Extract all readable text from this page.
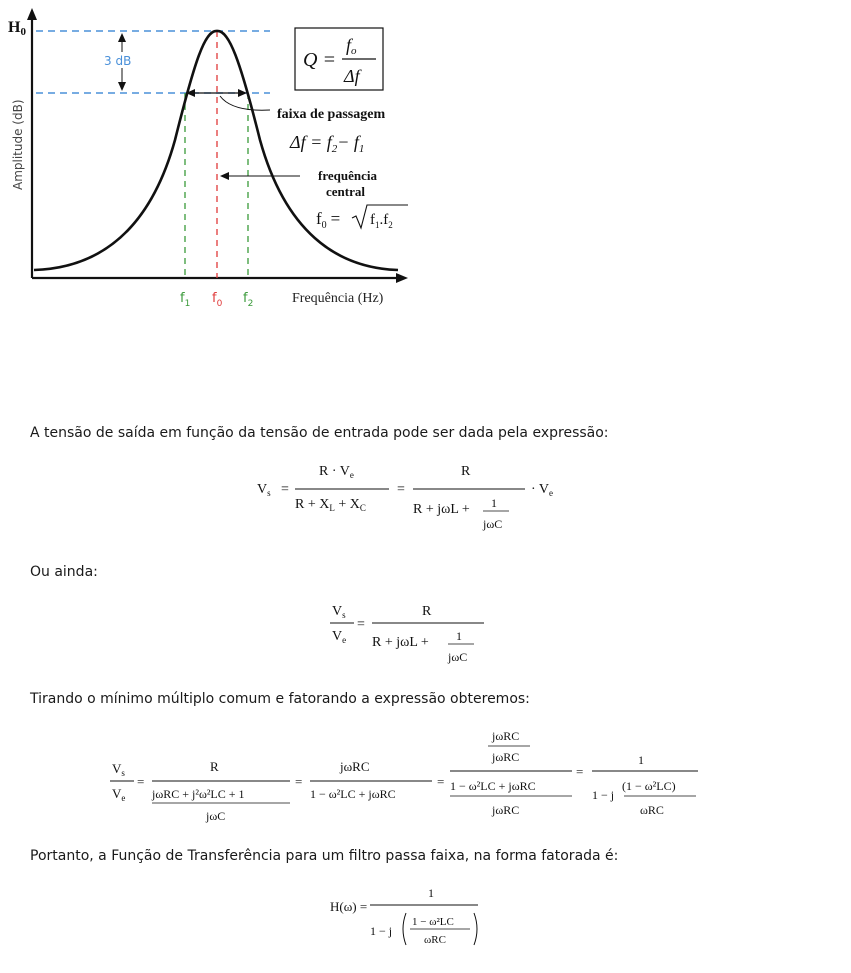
3 dB
Amplitude (dB)
H0
$f_1$ $f_0$ $f_2$	Frequência (Hz)
Q =
fo
Δf
faixa de passagem
$\Delta f = f_2- f_1$
frequência
central
$f_0 = f_1.f_2$
A tensão de saída em função da tensão de entrada pode ser dada pela expressão:
Ou ainda:
Tirando o mínimo múltiplo comum e fatorando a expressão obteremos:
Portanto, a Função de Transferência para um filtro passa faixa, na forma fatorada é:
$V_s$ =
$R \cdot V_e$
$R + X_L + X_C$
=
R
R + jωL + 1
jωC
· $V_e$
$V_s$
$V_e$
=
R
R + jωL + 1
jωC
$V_s$
$V_e$
=
R
jωRC + j²ω²LC + 1
jωC
=
jωRC
1 − ω²LC + jωRC
=
jωRC
jωRC
1 − ω²LC + jωRC
jωRC
=
1
1 − j
(1 − ω²LC)
ωRC
H(ω) =
1
1 − j
1 − ω²LC
ωRC
